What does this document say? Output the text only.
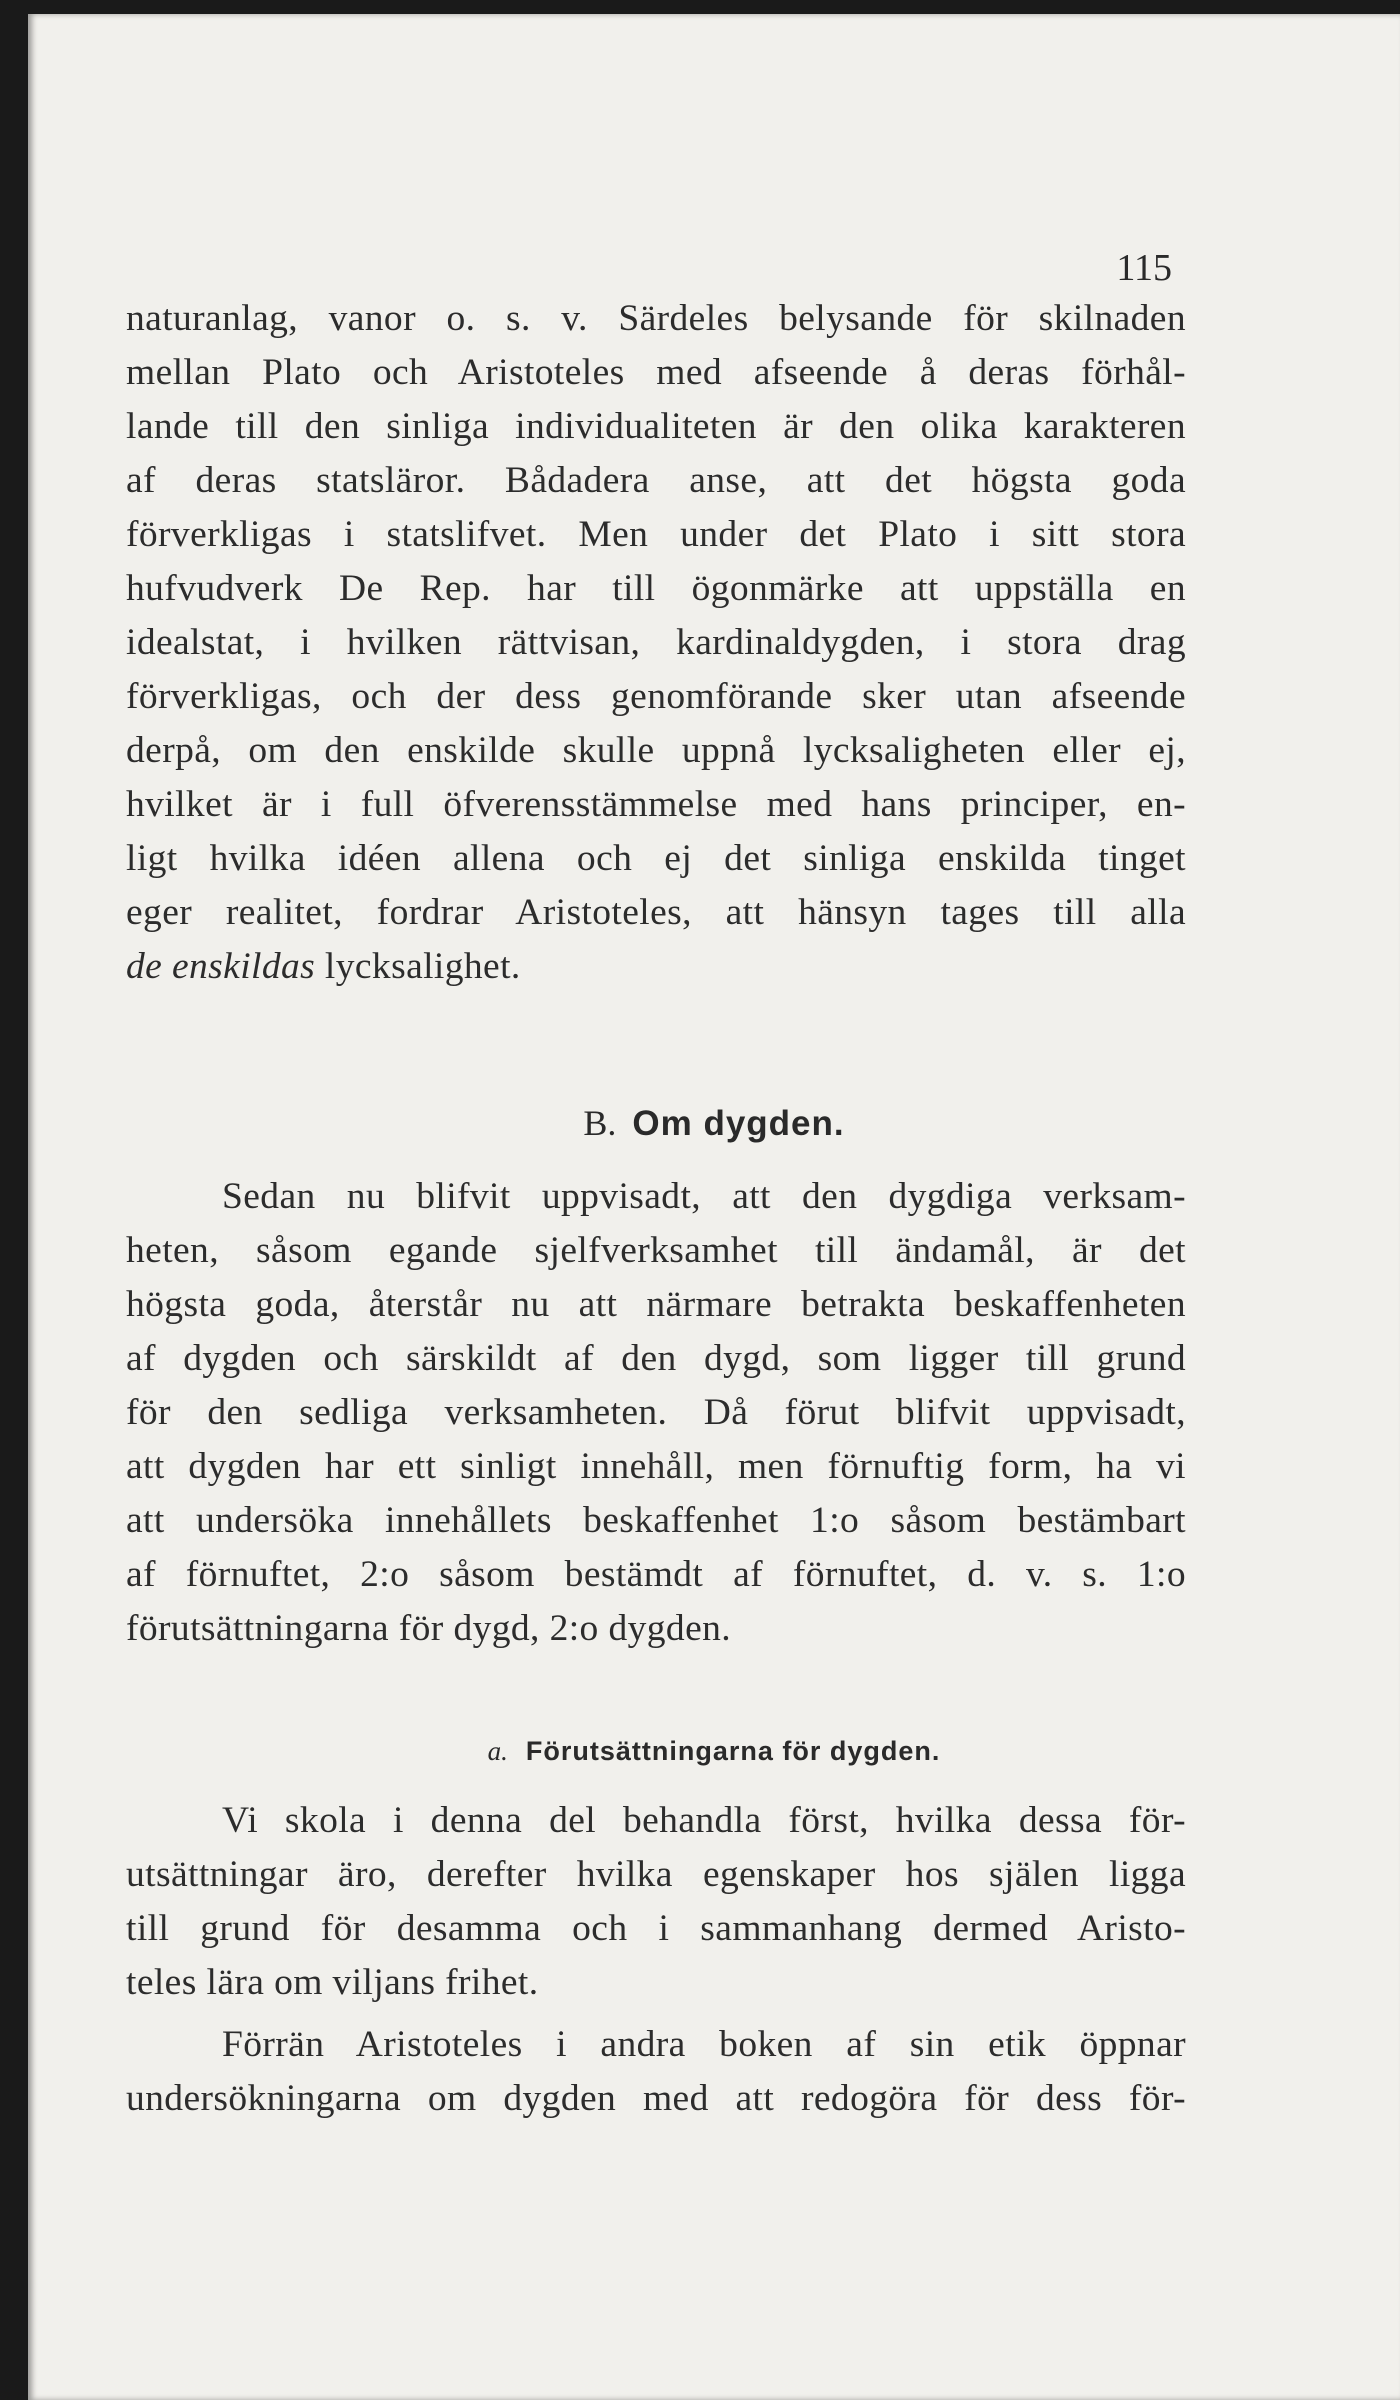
115
naturanlag, vanor o. s. v. Särdeles belysande för skilnaden
mellan Plato och Aristoteles med afseende å deras förhål-
lande till den sinliga individualiteten är den olika karakteren
af deras statsläror. Bådadera anse, att det högsta goda
förverkligas i statslifvet. Men under det Plato i sitt stora
hufvudverk De Rep. har till ögonmärke att uppställa en
idealstat, i hvilken rättvisan, kardinaldygden, i stora drag
förverkligas, och der dess genomförande sker utan afseende
derpå, om den enskilde skulle uppnå lycksaligheten eller ej,
hvilket är i full öfverensstämmelse med hans principer, en-
ligt hvilka idéen allena och ej det sinliga enskilda tinget
eger realitet, fordrar Aristoteles, att hänsyn tages till alla
de enskildas lycksalighet.
B. Om dygden.
Sedan nu blifvit uppvisadt, att den dygdiga verksam-
heten, såsom egande sjelfverksamhet till ändamål, är det
högsta goda, återstår nu att närmare betrakta beskaffenheten
af dygden och särskildt af den dygd, som ligger till grund
för den sedliga verksamheten. Då förut blifvit uppvisadt,
att dygden har ett sinligt innehåll, men förnuftig form, ha vi
att undersöka innehållets beskaffenhet 1:o såsom bestämbart
af förnuftet, 2:o såsom bestämdt af förnuftet, d. v. s. 1:o
förutsättningarna för dygd, 2:o dygden.
a. Förutsättningarna för dygden.
Vi skola i denna del behandla först, hvilka dessa för-
utsättningar äro, derefter hvilka egenskaper hos själen ligga
till grund för desamma och i sammanhang dermed Aristo-
teles lära om viljans frihet.
Förrän Aristoteles i andra boken af sin etik öppnar
undersökningarna om dygden med att redogöra för dess för-
